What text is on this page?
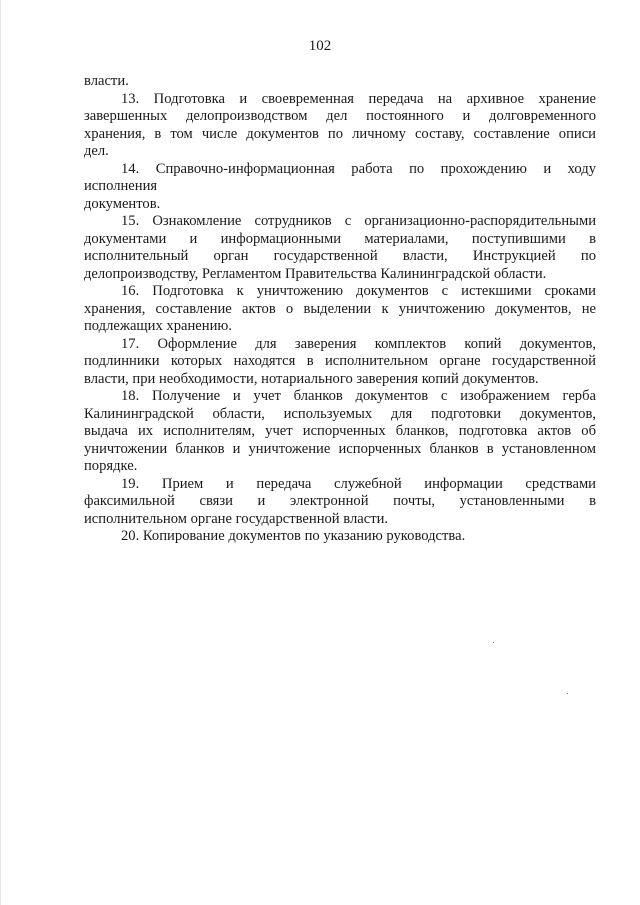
102

власти.

13. Подготовка и своевременная передача на архивное хранение

завершенных делопроизводством дел постоянного и долговременного

хранения, в том числе документов по личному составу, составление описи

дел.

14. Справочно-информационная работа по прохождению и ходу

исполнения

документов.

15. Ознакомление сотрудников с организационно-распорядительными

документами и информационными материалами, поступившими в

исполнительный орган государственной власти, Инструкцией по

делопроизводству, Регламентом Правительства Калининградской области.

16. Подготовка к уничтожению документов с истекшими сроками

хранения, составление актов о выделении к уничтожению документов, не

подлежащих хранению.

17. Оформление для заверения комплектов копий документов,

подлинники которых находятся в исполнительном органе государственной

власти, при необходимости, нотариального заверения копий документов.

18. Получение и учет бланков документов с изображением герба

Калининградской области, используемых для подготовки документов,

выдача их исполнителям, учет испорченных бланков, подготовка актов об

уничтожении бланков и уничтожение испорченных бланков в установленном

порядке.

19. Прием и передача служебной информации средствами

факсимильной связи и электронной почты, установленными в

исполнительном органе государственной власти.

20. Копирование документов по указанию руководства.
